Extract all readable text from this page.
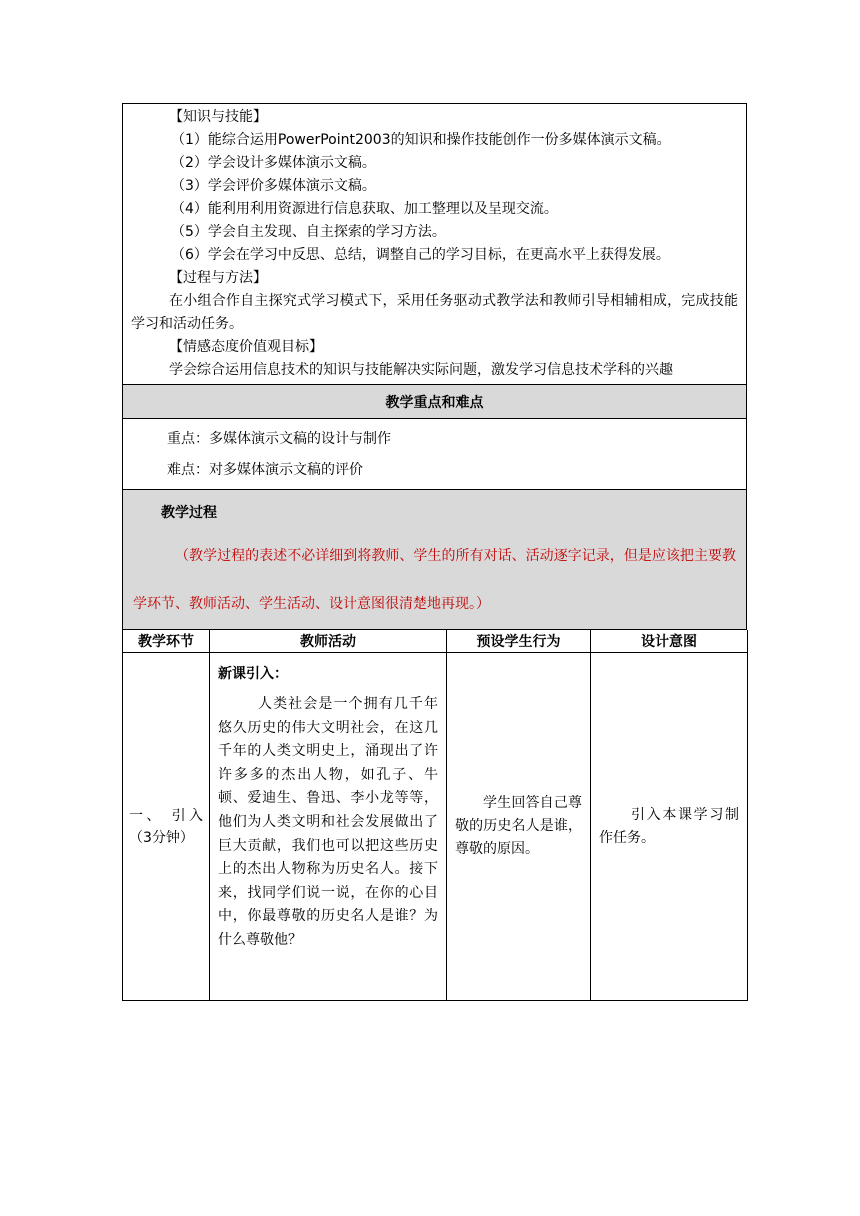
【知识与技能】

（1）能综合运用PowerPoint2003的知识和操作技能创作一份多媒体演示文稿。

（2）学会设计多媒体演示文稿。

（3）学会评价多媒体演示文稿。

（4）能利用利用资源进行信息获取、加工整理以及呈现交流。

（5）学会自主发现、自主探索的学习方法。

（6）学会在学习中反思、总结，调整自己的学习目标，在更高水平上获得发展。

【过程与方法】

在小组合作自主探究式学习模式下，采用任务驱动式教学法和教师引导相辅相成，完成技能学习和活动任务。

【情感态度价值观目标】

学会综合运用信息技术的知识与技能解决实际问题，激发学习信息技术学科的兴趣

教学重点和难点

重点：多媒体演示文稿的设计与制作

难点：对多媒体演示文稿的评价

教学过程

（教学过程的表述不必详细到将教师、学生的所有对话、活动逐字记录，但是应该把主要教学环节、教师活动、学生活动、设计意图很清楚地再现。）

教学环节	教师活动	预设学生行为	设计意图

一、 引入（3分钟）	新课引入：
人类社会是一个拥有几千年悠久历史的伟大文明社会，在这几千年的人类文明史上，涌现出了许许多多的杰出人物，如孔子、牛顿、爱迪生、鲁迅、李小龙等等，他们为人类文明和社会发展做出了巨大贡献，我们也可以把这些历史上的杰出人物称为历史名人。接下来，找同学们说一说，在你的心目中，你最尊敬的历史名人是谁？为什么尊敬他？	学生回答自己尊敬的历史名人是谁，尊敬的原因。	引入本课学习制作任务。
